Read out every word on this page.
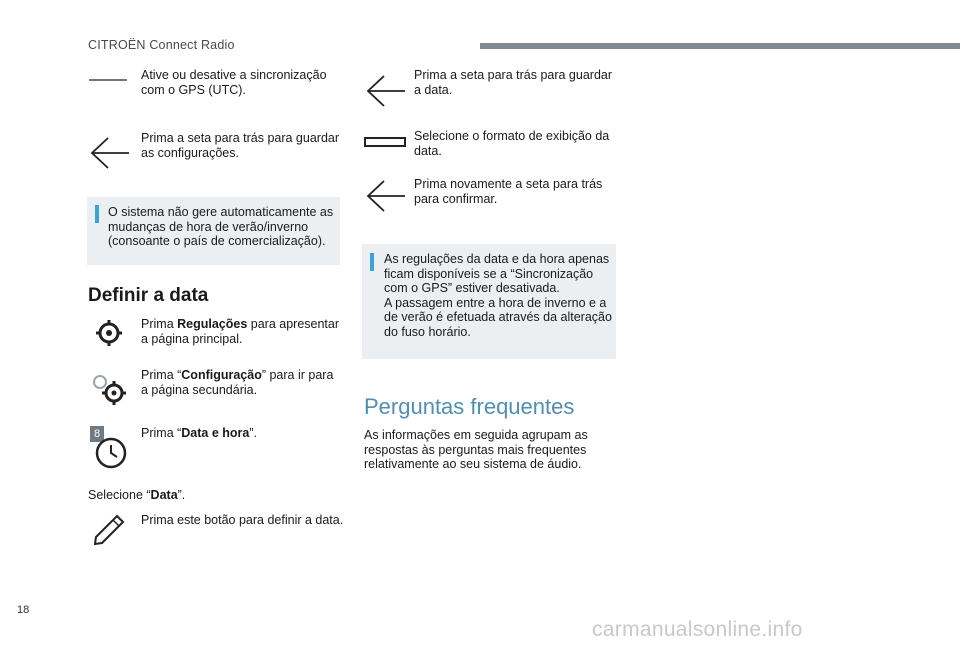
CITROËN Connect Radio
Ative ou desative a sincronização com o GPS (UTC).
Prima a seta para trás para guardar as configurações.
O sistema não gere automaticamente as mudanças de hora de verão/inverno (consoante o país de comercialização).
Definir a data
Prima Regulações para apresentar a página principal.
Prima “Configuração” para ir para a página secundária.
8	Prima “Data e hora”.
Selecione “Data”.
Prima este botão para definir a data.
Prima a seta para trás para guardar a data.
Selecione o formato de exibição da data.
Prima novamente a seta para trás para confirmar.
As regulações da data e da hora apenas ficam disponíveis se a “Sincronização com o GPS” estiver desativada.
A passagem entre a hora de inverno e a de verão é efetuada através da alteração do fuso horário.
Perguntas frequentes
As informações em seguida agrupam as respostas às perguntas mais frequentes relativamente ao seu sistema de áudio.
18
carmanualsonline.info
